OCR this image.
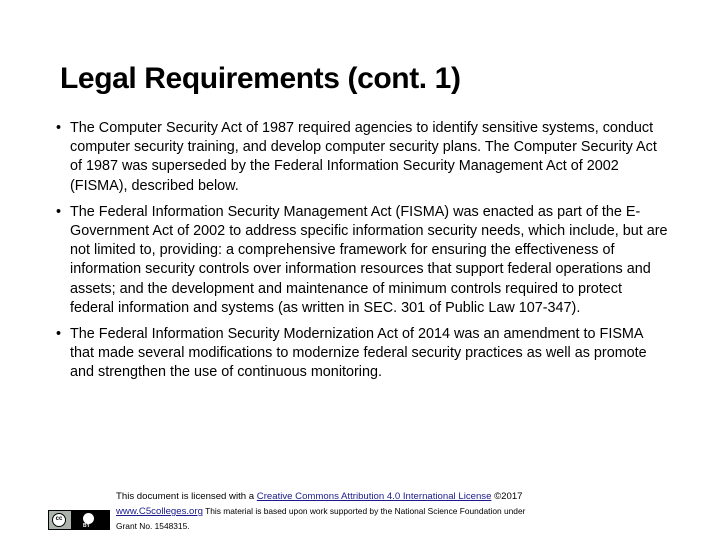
Legal Requirements (cont. 1)
• The Computer Security Act of 1987 required agencies to identify sensitive systems, conduct computer security training, and develop computer security plans. The Computer Security Act of 1987 was superseded by the Federal Information Security Management Act of 2002 (FISMA), described below.
• The Federal Information Security Management Act (FISMA) was enacted as part of the E-Government Act of 2002 to address specific information security needs, which include, but are not limited to, providing: a comprehensive framework for ensuring the effectiveness of information security controls over information resources that support federal operations and assets; and the development and maintenance of minimum controls required to protect federal information and systems (as written in SEC. 301 of Public Law 107-347).
• The Federal Information Security Modernization Act of 2014 was an amendment to FISMA that made several modifications to modernize federal security practices as well as promote and strengthen the use of continuous monitoring.
cc
BY
This document is licensed with a Creative Commons Attribution 4.0 International License ©2017
www.C5colleges.org This material is based upon work supported by the National Science Foundation under
Grant No. 1548315.
